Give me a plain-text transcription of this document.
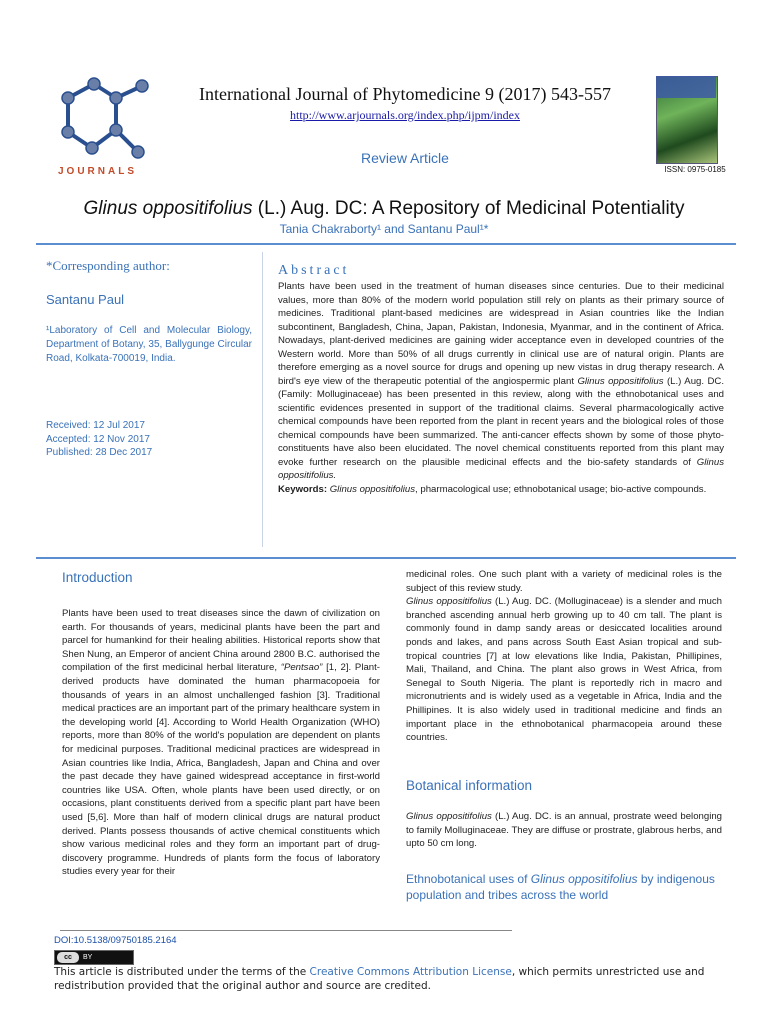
JOURNALS
International Journal of Phytomedicine 9 (2017) 543-557
http://www.arjournals.org/index.php/ijpm/index
Review Article
ISSN: 0975-0185
Glinus oppositifolius (L.) Aug. DC: A Repository of Medicinal Potentiality
Tania Chakraborty¹ and Santanu Paul¹*
*Corresponding author:
Santanu Paul
¹Laboratory of Cell and Molecular Biology, Department of Botany, 35, Ballygunge Circular Road, Kolkata-700019, India.
Received: 12 Jul 2017
Accepted: 12 Nov 2017
Published: 28 Dec 2017
Abstract
Plants have been used in the treatment of human diseases since centuries. Due to their medicinal values, more than 80% of the modern world population still rely on plants as their primary source of medicines. Traditional plant-based medicines are widespread in Asian countries like the Indian subcontinent, Bangladesh, China, Japan, Pakistan, Indonesia, Myanmar, and in the continent of Africa. Nowadays, plant-derived medicines are gaining wider acceptance even in developed countries of the Western world. More than 50% of all drugs currently in clinical use are of natural origin. Plants are therefore emerging as a novel source for drugs and opening up new vistas in drug therapy research. A bird's eye view of the therapeutic potential of the angiospermic plant Glinus oppositifolius (L.) Aug. DC. (Family: Molluginaceae) has been presented in this review, along with the ethnobotanical uses and scientific evidences presented in support of the traditional claims. Several pharmacologically active chemical compounds have been reported from the plant in recent years and the biological roles of those chemical compounds have been summarized. The anti-cancer effects shown by some of those phyto-constituents have also been elucidated. The novel chemical constituents reported from this plant may evoke further research on the plausible medicinal effects and the bio-safety standards of Glinus oppositifolius.
Keywords: Glinus oppositifolius, pharmacological use; ethnobotanical usage; bio-active compounds.
Introduction
Plants have been used to treat diseases since the dawn of civilization on earth. For thousands of years, medicinal plants have been the part and parcel for humankind for their healing abilities. Historical reports show that Shen Nung, an Emperor of ancient China around 2800 B.C. authorised the compilation of the first medicinal herbal literature, “Pentsao” [1, 2]. Plant-derived products have dominated the human pharmacopoeia for thousands of years in an almost unchallenged fashion [3]. Traditional medical practices are an important part of the primary healthcare system in the developing world [4]. According to World Health Organization (WHO) reports, more than 80% of the world's population are dependent on plants for medicinal purposes. Traditional medicinal practices are widespread in Asian countries like India, Africa, Bangladesh, Japan and China and over the past decade they have gained widespread acceptance in first-world countries like USA. Often, whole plants have been used directly, or on occasions, plant constituents derived from a specific plant part have been used [5,6]. More than half of modern clinical drugs are natural product derived. Plants possess thousands of active chemical constituents which show various medicinal roles and they form an important part of drug-discovery programme. Hundreds of plants form the focus of laboratory studies every year for their
medicinal roles. One such plant with a variety of medicinal roles is the subject of this review study.
Glinus oppositifolius (L.) Aug. DC. (Molluginaceae) is a slender and much branched ascending annual herb growing up to 40 cm tall. The plant is commonly found in damp sandy areas or desiccated localities around ponds and lakes, and pans across South East Asian tropical and sub-tropical countries [7] at low elevations like India, Pakistan, Phillipines, Mali, Thailand, and China. The plant also grows in West Africa, from Senegal to South Nigeria. The plant is reportedly rich in macro and micronutrients and is widely used as a vegetable in Africa, India and the Phillipines. It is also widely used in traditional medicine and finds an important place in the ethnobotanical pharmacopeia around these countries.
Botanical information
Glinus oppositifolius (L.) Aug. DC. is an annual, prostrate weed belonging to family Molluginaceae. They are diffuse or prostrate, glabrous herbs, and upto 50 cm long.
Ethnobotanical uses of Glinus oppositifolius by indigenous population and tribes across the world
DOI:10.5138/09750185.2164
cc	BY
This article is distributed under the terms of the Creative Commons Attribution License, which permits unrestricted use and redistribution provided that the original author and source are credited.
